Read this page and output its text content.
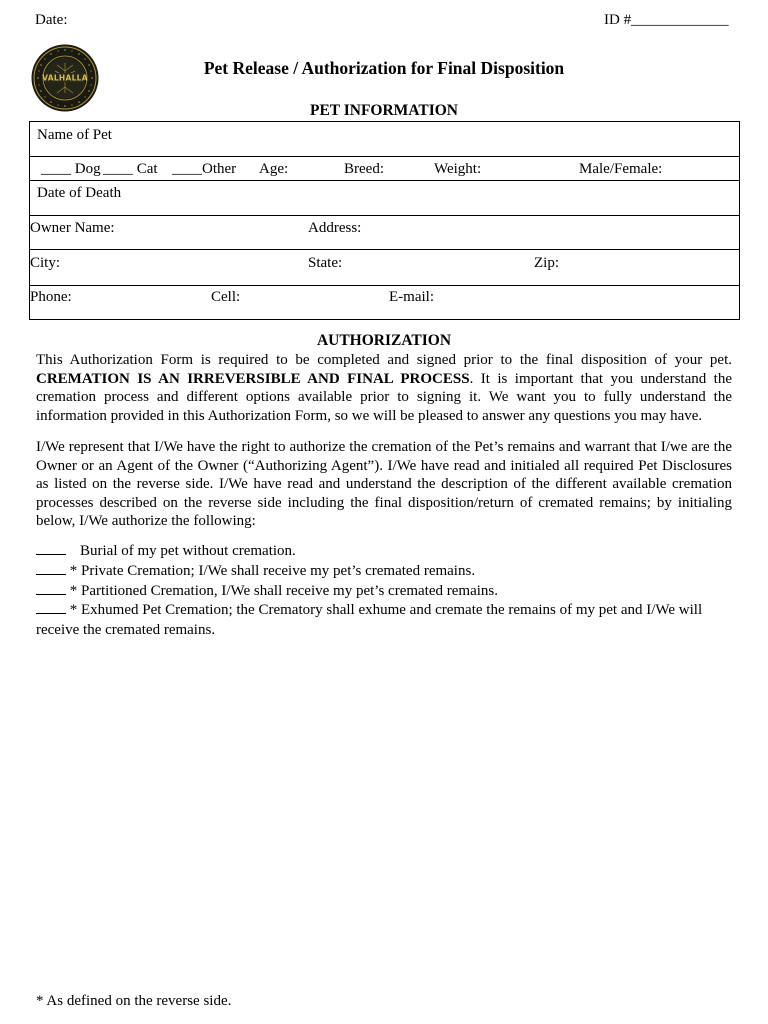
Date:	ID #_____________
VALHALLA	Pet Release / Authorization for Final Disposition
PET INFORMATION
Name of Pet
____ Dog ____ Cat ____Other Age:	Breed:	Weight:	Male/Female:
Date of Death
Owner Name:	Address:
City:	State:	Zip:
Phone:	Cell:	E-mail:
AUTHORIZATION
This Authorization Form is required to be completed and signed prior to the final disposition of your pet. CREMATION IS AN IRREVERSIBLE AND FINAL PROCESS. It is important that you understand the cremation process and different options available prior to signing it. We want you to fully understand the information provided in this Authorization Form, so we will be pleased to answer any questions you may have.
I/We represent that I/We have the right to authorize the cremation of the Pet’s remains and warrant that I/we are the Owner or an Agent of the Owner (“Authorizing Agent”). I/We have read and initialed all required Pet Disclosures as listed on the reverse side. I/We have read and understand the description of the different available cremation processes described on the reverse side including the final disposition/return of cremated remains; by initialing below, I/We authorize the following:
Burial of my pet without cremation.
* Private Cremation; I/We shall receive my pet’s cremated remains.
* Partitioned Cremation, I/We shall receive my pet’s cremated remains.
* Exhumed Pet Cremation; the Crematory shall exhume and cremate the remains of my pet and I/We will receive the cremated remains.
* As defined on the reverse side.
